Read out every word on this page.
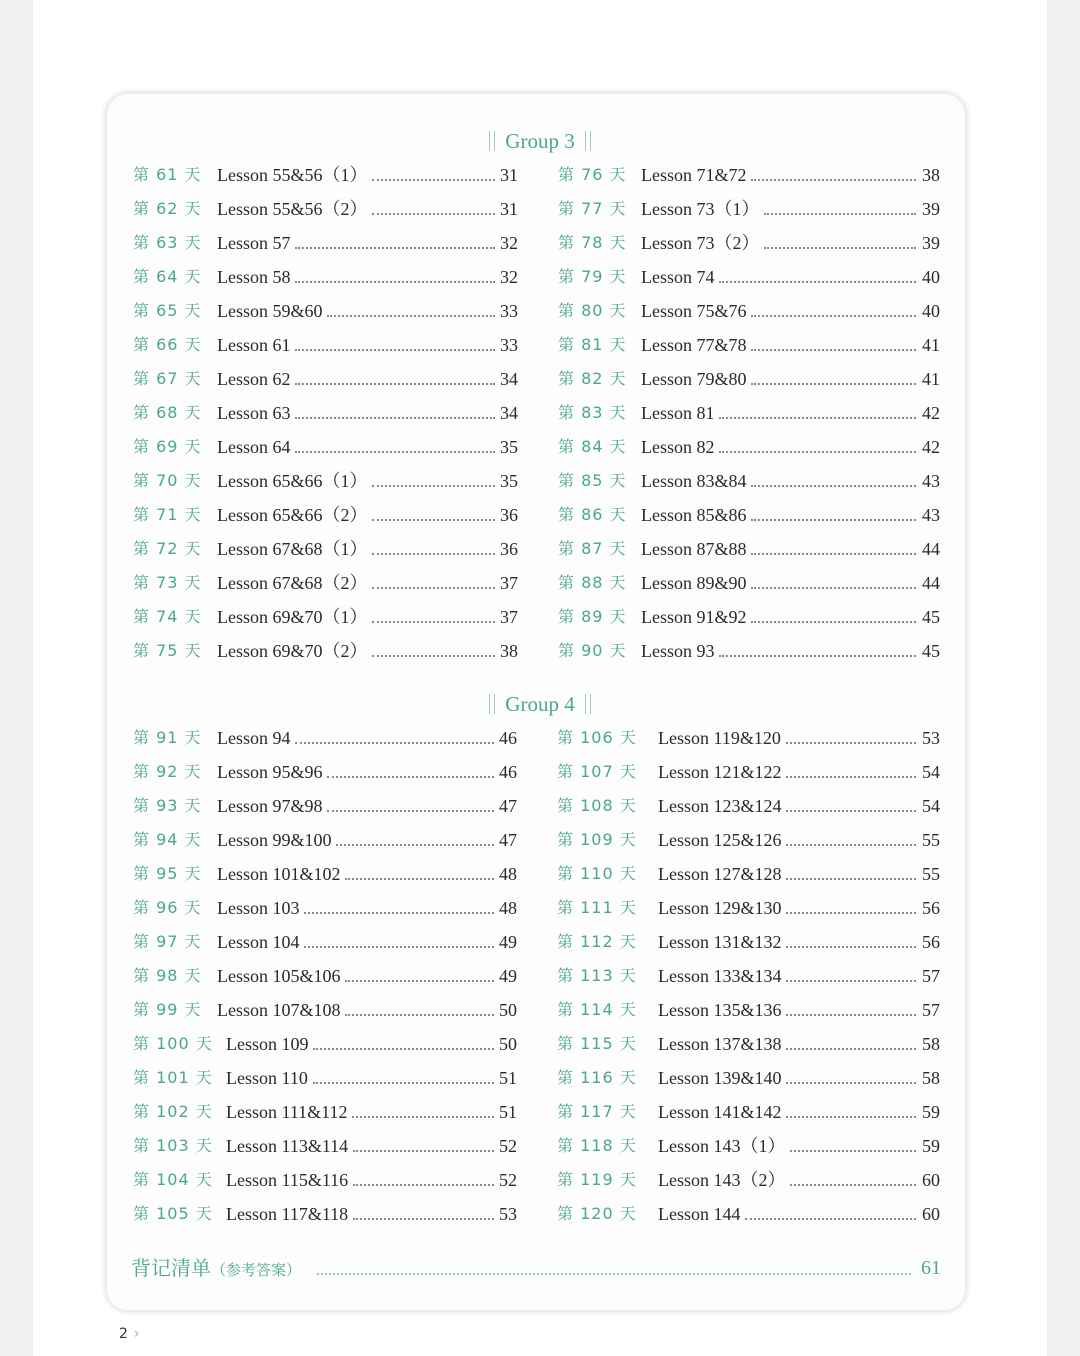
Group 3
第 61 天 Lesson 55&56（1）	31
第 62 天 Lesson 55&56（2）	31
第 63 天 Lesson 57	32
第 64 天 Lesson 58	32
第 65 天 Lesson 59&60	33
第 66 天 Lesson 61	33
第 67 天 Lesson 62	34
第 68 天 Lesson 63	34
第 69 天 Lesson 64	35
第 70 天 Lesson 65&66（1）	35
第 71 天 Lesson 65&66（2）	36
第 72 天 Lesson 67&68（1）	36
第 73 天 Lesson 67&68（2）	37
第 74 天 Lesson 69&70（1）	37
第 75 天 Lesson 69&70（2）	38
第 76 天 Lesson 71&72	38
第 77 天 Lesson 73（1）	39
第 78 天 Lesson 73（2）	39
第 79 天 Lesson 74	40
第 80 天 Lesson 75&76	40
第 81 天 Lesson 77&78	41
第 82 天 Lesson 79&80	41
第 83 天 Lesson 81	42
第 84 天 Lesson 82	42
第 85 天 Lesson 83&84	43
第 86 天 Lesson 85&86	43
第 87 天 Lesson 87&88	44
第 88 天 Lesson 89&90	44
第 89 天 Lesson 91&92	45
第 90 天 Lesson 93	45
Group 4
第 91 天 Lesson 94	46
第 92 天 Lesson 95&96	46
第 93 天 Lesson 97&98	47
第 94 天 Lesson 99&100	47
第 95 天 Lesson 101&102	48
第 96 天 Lesson 103	48
第 97 天 Lesson 104	49
第 98 天 Lesson 105&106	49
第 99 天 Lesson 107&108	50
第 100 天 Lesson 109	50
第 101 天 Lesson 110	51
第 102 天 Lesson 111&112	51
第 103 天 Lesson 113&114	52
第 104 天 Lesson 115&116	52
第 105 天 Lesson 117&118	53
第 106 天 Lesson 119&120	53
第 107 天 Lesson 121&122	54
第 108 天 Lesson 123&124	54
第 109 天 Lesson 125&126	55
第 110 天 Lesson 127&128	55
第 111 天 Lesson 129&130	56
第 112 天 Lesson 131&132	56
第 113 天 Lesson 133&134	57
第 114 天 Lesson 135&136	57
第 115 天 Lesson 137&138	58
第 116 天 Lesson 139&140	58
第 117 天 Lesson 141&142	59
第 118 天 Lesson 143（1）	59
第 119 天 Lesson 143（2）	60
第 120 天 Lesson 144	60
背记清单（参考答案）	61
2 ›
